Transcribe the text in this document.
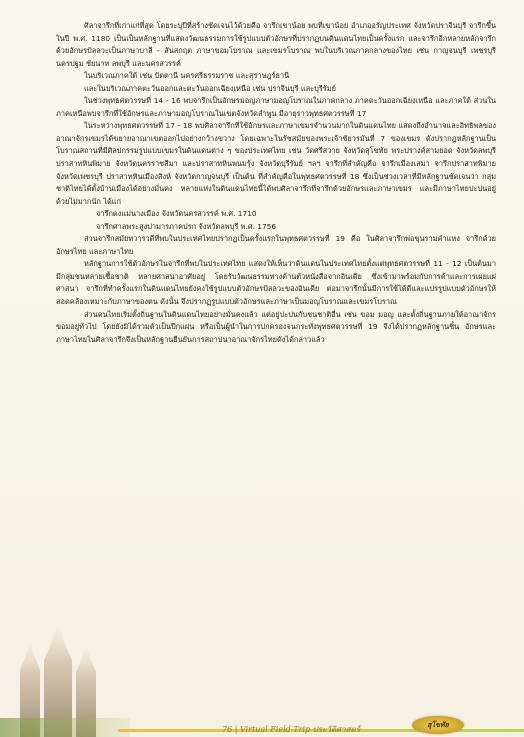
ศิลาจารึกที่เก่าแก่ที่สุด โดยระบุปีที่สร้างชัดเจนไว้ด้วยคือ จารึกเขาน้อย พบที่เขาน้อย อำเภออรัญประเทศ จังหวัดปราจีนบุรี จารึกขึ้นในปี พ.ศ. 1180 เป็นเป็นหลักฐานที่แสดงวัฒนธรรมการใช้รูปแบบตัวอักษรที่ปรากฏบนดินแดนไทยเป็นครั้งแรก และจารึกอีกหลายหลักจารึกด้วยอักษรปัลลวะเป็นภาษาบาลี - สันสกฤต ภาษาขอมโบราณ และเขมรโบราณ พบในบริเวณภาคกลางของไทย เช่น กาญจนบุรี เพชรบุรี นครปฐม ชัยนาท ลพบุรี และนครสวรรค์

ในบริเวณภาคใต้ เช่น ปัตตานี นครศรีธรรมราช และสุราษฎร์ธานี

และในบริเวณภาคตะวันออกและตะวันออกเฉียงเหนือ เช่น ปราจีนบุรี และบุรีรัมย์

ในช่วงพุทธศตวรรษที่ 14 - 16 พบจารึกเป็นอักษรมอญภาษามอญโบราณในภาคกลาง ภาคตะวันออกเฉียงเหนือ และภาคใต้ ส่วนในภาคเหนือพบจารึกที่ใช้อักษรและภาษามอญโบราณในเขตจังหวัดลำพูน มีอายุราวพุทธศตวรรษที่ 17

ในระหว่างพุทธศตวรรษที่ 17 - 18 พบศิลาจารึกที่ใช้อักษรและภาษาเขมรจำนวนมากในดินแดนไทย แสดงถึงอำนาจและอิทธิพลของอาณาจักรเขมรได้ขยายอาณาเขตออกไปอย่างกว้างขวาง โดยเฉพาะในรัชสมัยของพระเจ้าชัยวรมันที่ 7 ของเขมร ดังปรากฏหลักฐานเป็นโบราณสถานที่มีศิลปกรรมรูปแบบเขมรในดินแดนต่าง ๆ ของประเทศไทย เช่น วัดศรีสวาย จังหวัดสุโขทัย พระปรางค์สามยอด จังหวัดลพบุรี ปราสาทหินพิมาย จังหวัดนครราชสีมา และปราสาทหินพนมรุ้ง จังหวัดบุรีรัมย์ ฯลฯ จารึกที่สำคัญคือ จารึกเมืองเสมา จารึกปราสาทพิมาย จังหวัดเพชรบุรี ปราสาทหินเมืองสิงห์ จังหวัดกาญจนบุรี เป็นต้น ที่สำคัญคือในพุทธศตวรรษที่ 18 ซึ่งเป็นช่วงเวลาที่มีหลักฐานชัดเจนว่า กลุ่มชาติไทยได้ตั้งบ้านเมืองได้อย่างมั่นคง หลายแห่งในดินแดนไทยนี้ได้พบศิลาจารึกที่จารึกด้วยอักษรและภาษาเขมร และมีภาษาไทยปะปนอยู่ด้วยไม่มากนัก ได้แก่

จารึกดงแม่นางเมือง จังหวัดนครสวรรค์ พ.ศ. 1710

จารึกศาลพระสูงปามารภาคปรก จังหวัดลพบุรี พ.ศ. 1756

ส่วนจารึกสมัยทวารวดีที่พบในประเทศไทยปรากฏเป็นครั้งแรกในพุทธศตวรรษที่ 19 คือ ในศิลาจารึกพ่อขุนรามคำแหง จารึกด้วยอักษรไทย และภาษาไทย

หลักฐานการใช้ตัวอักษรในจารึกที่พบในประเทศไทย แสดงให้เห็นว่าดินแดนในประเทศไทยตั้งแต่พุทธศตวรรษที่ 11 - 12 เป็นต้นมา มีกลุ่มชนหลายเชื้อชาติ หลายศาสนาอาศัยอยู่ โดยรับวัฒนธรรมทางด้านตัวหนังสือจากอินเดีย ซึ่งเข้ามาพร้อมกับการค้าและการเผยแผ่ศาสนา จารึกที่ทำครั้งแรกในดินแดนไทยยังคงใช้รูปแบบตัวอักษรปัลลวะของอินเดีย ต่อมาจารึกนั้นมีการใช้ได้ดีและแปรรูปแบบตัวอักษรให้สอดคล้องเหมาะกับภาษาของตน ดังนั้น จึงปรากฏรูปแบบตัวอักษรและภาษาเป็นมอญโบราณและเขมรโบราณ

ส่วนคนไทยเริ่มตั้งถิ่นฐานในดินแดนไทยอย่างมั่นคงแล้ว แต่อยู่ปะปนกับชนชาติอื่น เช่น ขอม มอญ และตั้งถิ่นฐานภายใต้อาณาจักรขอมอยู่ทั่วไป โดยยังมิได้รวมตัวเป็นปึกแผ่น หรือเป็นผู้นำในการปกครองจนกระทั่งพุทธศตวรรษที่ 19 จึงได้ปรากฏหลักฐานชิ้น อักษรและภาษาไทยในศิลาจารึกจึงเป็นหลักฐานยืนยันการสถาปนาอาณาจักรไทยดังได้กล่าวแล้ว

76 | Virtual Field Trip ประวัติศาสตร์
สุโขทัย
